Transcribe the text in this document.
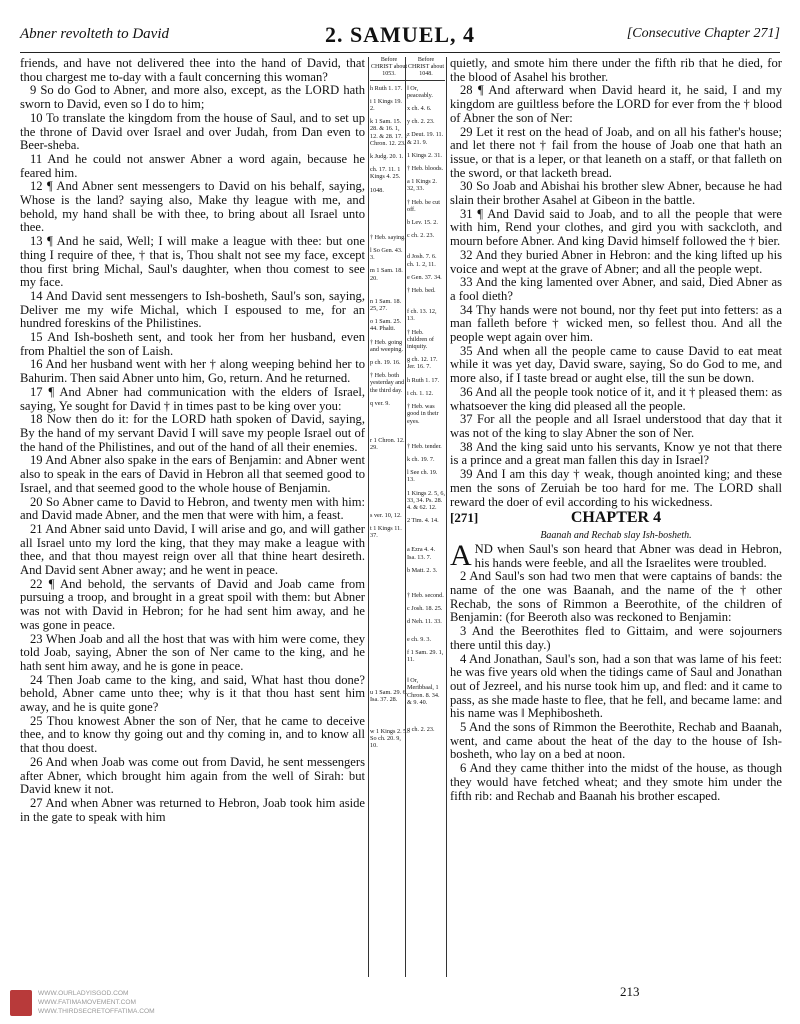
Abner revolteth to David	2. SAMUEL, 4	[Consecutive Chapter 271]

friends, and have not delivered thee into the hand of David, that thou chargest me to-day with a fault concerning this woman?

9 So do God to Abner, and more also, except, as the LORD hath sworn to David, even so I do to him;

10 To translate the kingdom from the house of Saul, and to set up the throne of David over Israel and over Judah, from Dan even to Beer-sheba.

11 And he could not answer Abner a word again, because he feared him.

12 ¶ And Abner sent messengers to David on his behalf, saying, Whose is the land? saying also, Make thy league with me, and behold, my hand shall be with thee, to bring about all Israel unto thee.

13 ¶ And he said, Well; I will make a league with thee: but one thing I require of thee, † that is, Thou shalt not see my face, except thou first bring Michal, Saul's daughter, when thou comest to see my face.

14 And David sent messengers to Ish-bosheth, Saul's son, saying, Deliver me my wife Michal, which I espoused to me, for an hundred foreskins of the Philistines.

15 And Ish-bosheth sent, and took her from her husband, even from Phaltiel the son of Laish.

16 And her husband went with her † along weeping behind her to Bahurim. Then said Abner unto him, Go, return. And he returned.

17 ¶ And Abner had communication with the elders of Israel, saying, Ye sought for David † in times past to be king over you:

18 Now then do it: for the LORD hath spoken of David, saying, By the hand of my servant David I will save my people Israel out of the hand of the Philistines, and out of the hand of all their enemies.

19 And Abner also spake in the ears of Benjamin: and Abner went also to speak in the ears of David in Hebron all that seemed good to Israel, and that seemed good to the whole house of Benjamin.

20 So Abner came to David to Hebron, and twenty men with him: and David made Abner, and the men that were with him, a feast.

21 And Abner said unto David, I will arise and go, and will gather all Israel unto my lord the king, that they may make a league with thee, and that thou mayest reign over all that thine heart desireth. And David sent Abner away; and he went in peace.

22 ¶ And behold, the servants of David and Joab came from pursuing a troop, and brought in a great spoil with them: but Abner was not with David in Hebron; for he had sent him away, and he was gone in peace.

23 When Joab and all the host that was with him were come, they told Joab, saying, Abner the son of Ner came to the king, and he hath sent him away, and he is gone in peace.

24 Then Joab came to the king, and said, What hast thou done? behold, Abner came unto thee; why is it that thou hast sent him away, and he is quite gone?

25 Thou knowest Abner the son of Ner, that he came to deceive thee, and to know thy going out and thy coming in, and to know all that thou doest.

26 And when Joab was come out from David, he sent messengers after Abner, which brought him again from the well of Sirah: but David knew it not.

27 And when Abner was returned to Hebron, Joab took him aside in the gate to speak with him

Before CHRIST about 1053.
h Ruth 1. 17.
i 1 Kings 19. 2.
k 1 Sam. 15. 28. & 16. 1, 12. & 28. 17. 1 Chron. 12. 23.
k Judg. 20. 1.
ch. 17. 11. 1 Kings 4. 25.
1048.
† Heb. saying.
l So Gen. 43. 3.
m 1 Sam. 18. 20.
n 1 Sam. 18. 25, 27.
o 1 Sam. 25. 44. Phalti.
† Heb. going and weeping.
p ch. 19. 16.
† Heb. both yesterday and the third day.
q ver. 9.
r 1 Chron. 12. 29.
s ver. 10, 12.
t 1 Kings 11. 37.
u 1 Sam. 29. 6. Isa. 37. 28.
w 1 Kings 2. 5. So ch. 20. 9, 10.
Before CHRIST about 1048.
‖ Or, peaceably.
x ch. 4. 6.
y ch. 2. 23.
z Deut. 19. 11. & 21. 9.
1 Kings 2. 31.
† Heb. bloods.
a 1 Kings 2. 32, 33.
† Heb. be cut off.
b Lev. 15. 2.
c ch. 2. 23.
d Josh. 7. 6. ch. 1. 2, 11.
e Gen. 37. 34.
† Heb. bed.
f ch. 13. 12, 13.
† Heb. children of iniquity.
g ch. 12. 17. Jer. 16. 7.
h Ruth 1. 17.
i ch. 1. 12.
† Heb. was good in their eyes.
† Heb. tender.
k ch. 19. 7.
l See ch. 19. 13.
1 Kings 2. 5, 6, 33, 34. Ps. 28. 4. & 62. 12.
2 Tim. 4. 14.
a Ezra 4. 4. Isa. 13. 7.
b Matt. 2. 3.
† Heb. second.
c Josh. 18. 25.
d Neh. 11. 33.
e ch. 9. 3.
f 1 Sam. 29. 1, 11.
‖ Or, Meribbaal, 1 Chron. 8. 34. & 9. 40.
g ch. 2. 23.

quietly, and smote him there under the fifth rib that he died, for the blood of Asahel his brother.

28 ¶ And afterward when David heard it, he said, I and my kingdom are guiltless before the LORD for ever from the † blood of Abner the son of Ner:

29 Let it rest on the head of Joab, and on all his father's house; and let there not † fail from the house of Joab one that hath an issue, or that is a leper, or that leaneth on a staff, or that falleth on the sword, or that lacketh bread.

30 So Joab and Abishai his brother slew Abner, because he had slain their brother Asahel at Gibeon in the battle.

31 ¶ And David said to Joab, and to all the people that were with him, Rend your clothes, and gird you with sackcloth, and mourn before Abner. And king David himself followed the † bier.

32 And they buried Abner in Hebron: and the king lifted up his voice and wept at the grave of Abner; and all the people wept.

33 And the king lamented over Abner, and said, Died Abner as a fool dieth?

34 Thy hands were not bound, nor thy feet put into fetters: as a man falleth before † wicked men, so fellest thou. And all the people wept again over him.

35 And when all the people came to cause David to eat meat while it was yet day, David sware, saying, So do God to me, and more also, if I taste bread or aught else, till the sun be down.

36 And all the people took notice of it, and it † pleased them: as whatsoever the king did pleased all the people.

37 For all the people and all Israel understood that day that it was not of the king to slay Abner the son of Ner.

38 And the king said unto his servants, Know ye not that there is a prince and a great man fallen this day in Israel?

39 And I am this day † weak, though anointed king; and these men the sons of Zeruiah be too hard for me. The LORD shall reward the doer of evil according to his wickedness.

[271]	CHAPTER 4

Baanah and Rechab slay Ish-bosheth.

AND when Saul's son heard that Abner was dead in Hebron, his hands were feeble, and all the Israelites were troubled.

2 And Saul's son had two men that were captains of bands: the name of the one was Baanah, and the name of the † other Rechab, the sons of Rimmon a Beerothite, of the children of Benjamin: (for Beeroth also was reckoned to Benjamin:

3 And the Beerothites fled to Gittaim, and were sojourners there until this day.)

4 And Jonathan, Saul's son, had a son that was lame of his feet: he was five years old when the tidings came of Saul and Jonathan out of Jezreel, and his nurse took him up, and fled: and it came to pass, as she made haste to flee, that he fell, and became lame: and his name was ‖ Mephibosheth.

5 And the sons of Rimmon the Beerothite, Rechab and Baanah, went, and came about the heat of the day to the house of Ish-bosheth, who lay on a bed at noon.

6 And they came thither into the midst of the house, as though they would have fetched wheat; and they smote him under the fifth rib: and Rechab and Baanah his brother escaped.

WWW.OURLADYISGOD.COM
WWW.FATIMAMOVEMENT.COM
WWW.THIRDSECRETOFFATIMA.COM
213
